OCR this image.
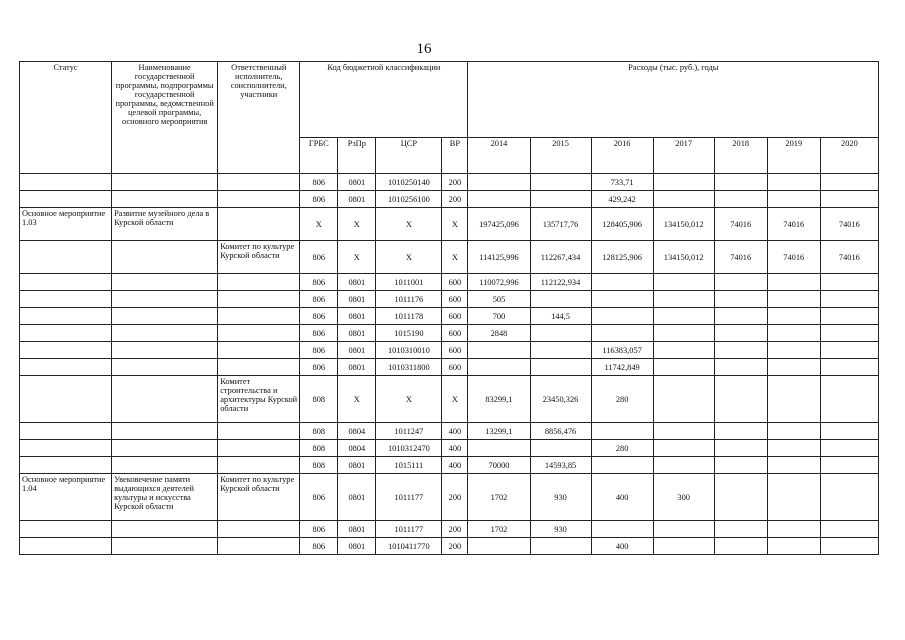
16
Статус	Наименование государственной программы, подпрограммы государственной программы, ведомственной целевой программы, основного мероприятия	Ответственный исполнитель, соисполнители, участники	Код бюджетной классификации				Расходы (тыс. руб.), годы						
			ГРБС	РзПр	ЦСР	ВР	2014	2015	2016	2017	2018	2019	2020
			806	0801	1010250140	200			733,71				
			806	0801	1010256100	200			429,242				
Основное мероприятие 1.03	Развитие музейного дела в Курской области		Х	Х	Х	Х	197425,096	135717,76	128405,906	134150,012	74016	74016	74016
		Комитет по культуре Курской области	806	Х	Х	Х	114125,996	112267,434	128125,906	134150,012	74016	74016	74016
			806	0801	1011001	600	110072,996	112122,934					
			806	0801	1011176	600	505						
			806	0801	1011178	600	700	144,5					
			806	0801	1015190	600	2848						
			806	0801	1010310010	600			116383,057				
			806	0801	1010311800	600			11742,849				
		Комитет строительства и архитектуры Курской области	808	Х	Х	Х	83299,1	23450,326	280				
			808	0804	1011247	400	13299,1	8856,476					
			808	0804	1010312470	400			280				
			808	0801	1015111	400	70000	14593,85					
Основное мероприятие 1.04	Увековечение памяти выдающихся деятелей культуры и искусства Курской области	Комитет по культуре Курской области	806	0801	1011177	200	1702	930	400	300			
			806	0801	1011177	200	1702	930					
			806	0801	1010411770	200			400				
